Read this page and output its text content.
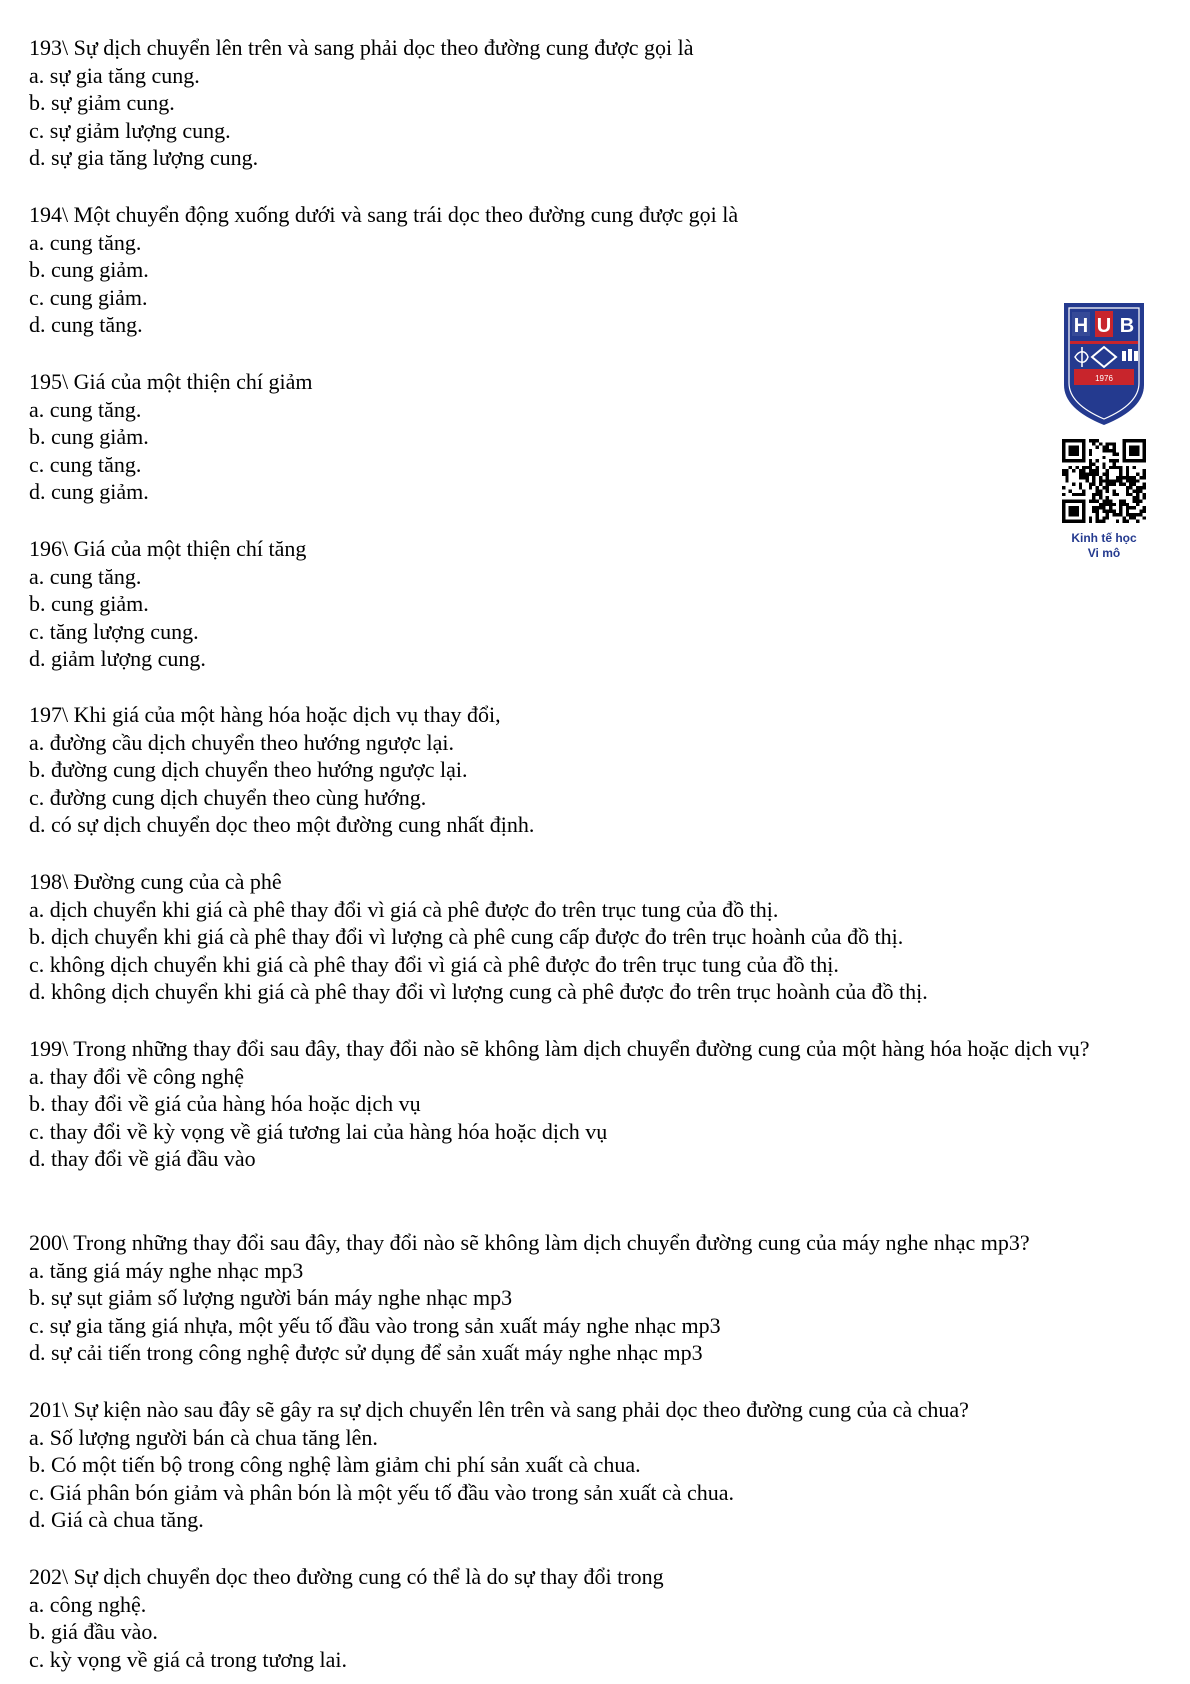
193\ Sự dịch chuyển lên trên và sang phải dọc theo đường cung được gọi là
a. sự gia tăng cung.
b. sự giảm cung.
c. sự giảm lượng cung.
d. sự gia tăng lượng cung.
194\ Một chuyển động xuống dưới và sang trái dọc theo đường cung được gọi là
a. cung tăng.
b. cung giảm.
c. cung giảm.
d. cung tăng.
195\ Giá của một thiện chí giảm
a. cung tăng.
b. cung giảm.
c. cung tăng.
d. cung giảm.
196\ Giá của một thiện chí tăng
a. cung tăng.
b. cung giảm.
c. tăng lượng cung.
d. giảm lượng cung.
197\ Khi giá của một hàng hóa hoặc dịch vụ thay đổi,
a. đường cầu dịch chuyển theo hướng ngược lại.
b. đường cung dịch chuyển theo hướng ngược lại.
c. đường cung dịch chuyển theo cùng hướng.
d. có sự dịch chuyển dọc theo một đường cung nhất định.
198\ Đường cung của cà phê
a. dịch chuyển khi giá cà phê thay đổi vì giá cà phê được đo trên trục tung của đồ thị.
b. dịch chuyển khi giá cà phê thay đổi vì lượng cà phê cung cấp được đo trên trục hoành của đồ thị.
c. không dịch chuyển khi giá cà phê thay đổi vì giá cà phê được đo trên trục tung của đồ thị.
d. không dịch chuyển khi giá cà phê thay đổi vì lượng cung cà phê được đo trên trục hoành của đồ thị.
199\ Trong những thay đổi sau đây, thay đổi nào sẽ không làm dịch chuyển đường cung của một hàng hóa hoặc dịch vụ?
a. thay đổi về công nghệ
b. thay đổi về giá của hàng hóa hoặc dịch vụ
c. thay đổi về kỳ vọng về giá tương lai của hàng hóa hoặc dịch vụ
d. thay đổi về giá đầu vào
200\ Trong những thay đổi sau đây, thay đổi nào sẽ không làm dịch chuyển đường cung của máy nghe nhạc mp3?
a. tăng giá máy nghe nhạc mp3
b. sự sụt giảm số lượng người bán máy nghe nhạc mp3
c. sự gia tăng giá nhựa, một yếu tố đầu vào trong sản xuất máy nghe nhạc mp3
d. sự cải tiến trong công nghệ được sử dụng để sản xuất máy nghe nhạc mp3
201\ Sự kiện nào sau đây sẽ gây ra sự dịch chuyển lên trên và sang phải dọc theo đường cung của cà chua?
a. Số lượng người bán cà chua tăng lên.
b. Có một tiến bộ trong công nghệ làm giảm chi phí sản xuất cà chua.
c. Giá phân bón giảm và phân bón là một yếu tố đầu vào trong sản xuất cà chua.
d. Giá cà chua tăng.
202\ Sự dịch chuyển dọc theo đường cung có thể là do sự thay đổi trong
a. công nghệ.
b. giá đầu vào.
c. kỳ vọng về giá cả trong tương lai.
H U B
1976
Kinh tế học
Vi mô
